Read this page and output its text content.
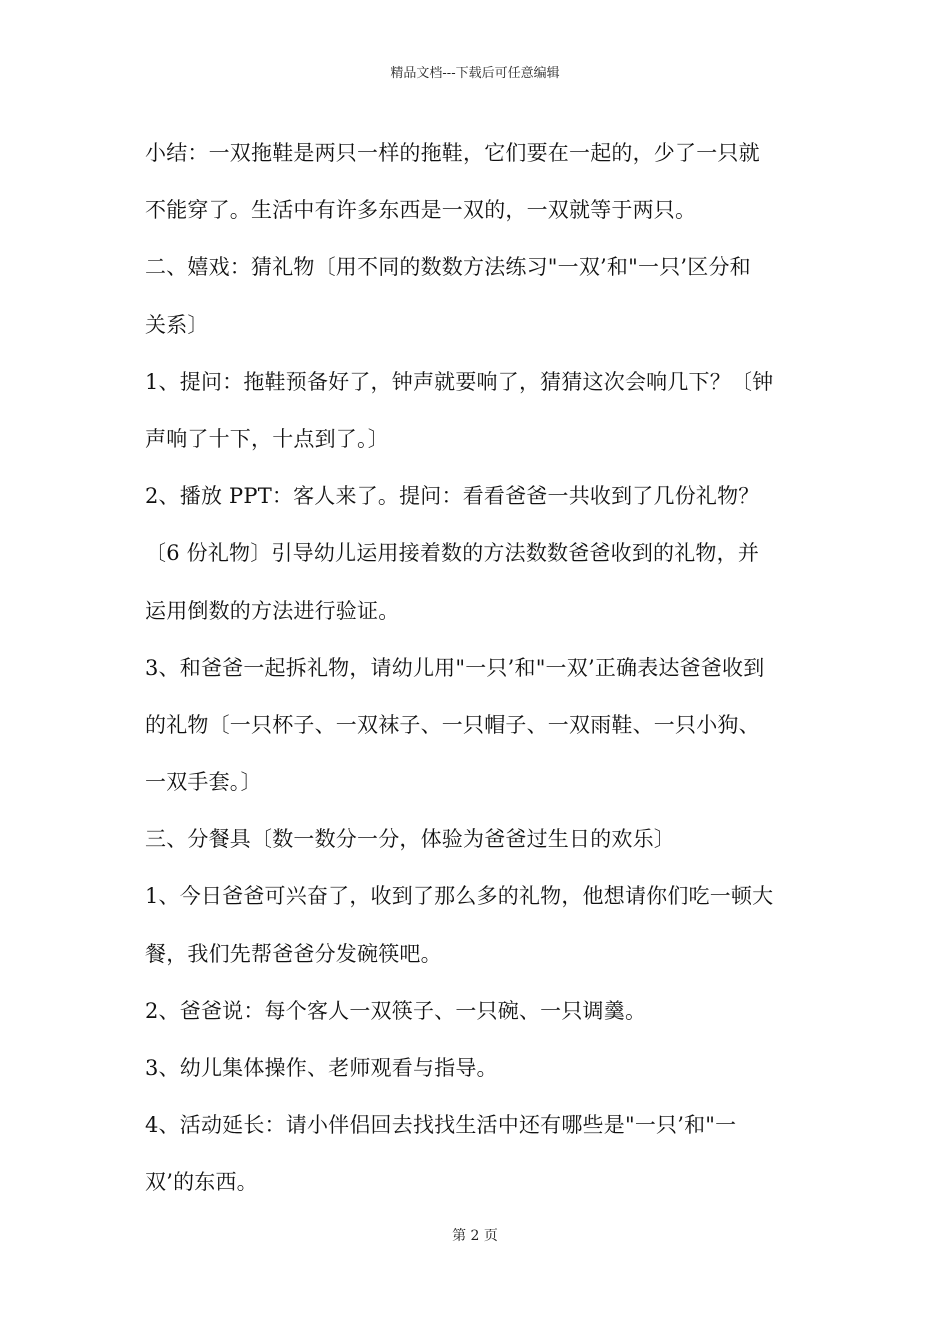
精品文档---下载后可任意编辑
小结：一双拖鞋是两只一样的拖鞋，它们要在一起的，少了一只就
不能穿了。生活中有许多东西是一双的，一双就等于两只。
二、嬉戏：猜礼物〔用不同的数数方法练习"一双’和"一只’区分和
关系〕
1、提问：拖鞋预备好了，钟声就要响了，猜猜这次会响几下？〔钟
声响了十下，十点到了。〕
2、播放 PPT：客人来了。提问：看看爸爸一共收到了几份礼物？
〔6 份礼物〕引导幼儿运用接着数的方法数数爸爸收到的礼物，并
运用倒数的方法进行验证。
3、和爸爸一起拆礼物，请幼儿用"一只’和"一双’正确表达爸爸收到
的礼物〔一只杯子、一双袜子、一只帽子、一双雨鞋、一只小狗、
一双手套。〕
三、分餐具〔数一数分一分，体验为爸爸过生日的欢乐〕
1、今日爸爸可兴奋了，收到了那么多的礼物，他想请你们吃一顿大
餐，我们先帮爸爸分发碗筷吧。
2、爸爸说：每个客人一双筷子、一只碗、一只调羹。
3、幼儿集体操作、老师观看与指导。
4、活动延长：请小伴侣回去找找生活中还有哪些是"一只’和"一
双’的东西。
第 2 页
